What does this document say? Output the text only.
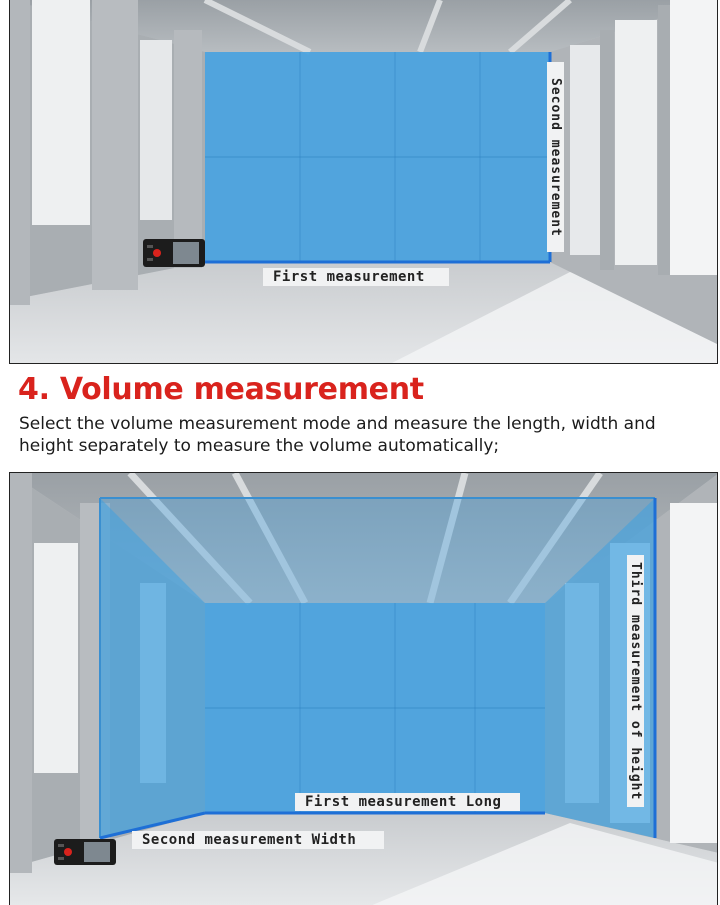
First measurement
Second measurement
4. Volume measurement

Select the volume measurement mode and measure the length, width and height separately to measure the volume automatically;

First measurement Long
Second measurement Width
Third measurement of height
